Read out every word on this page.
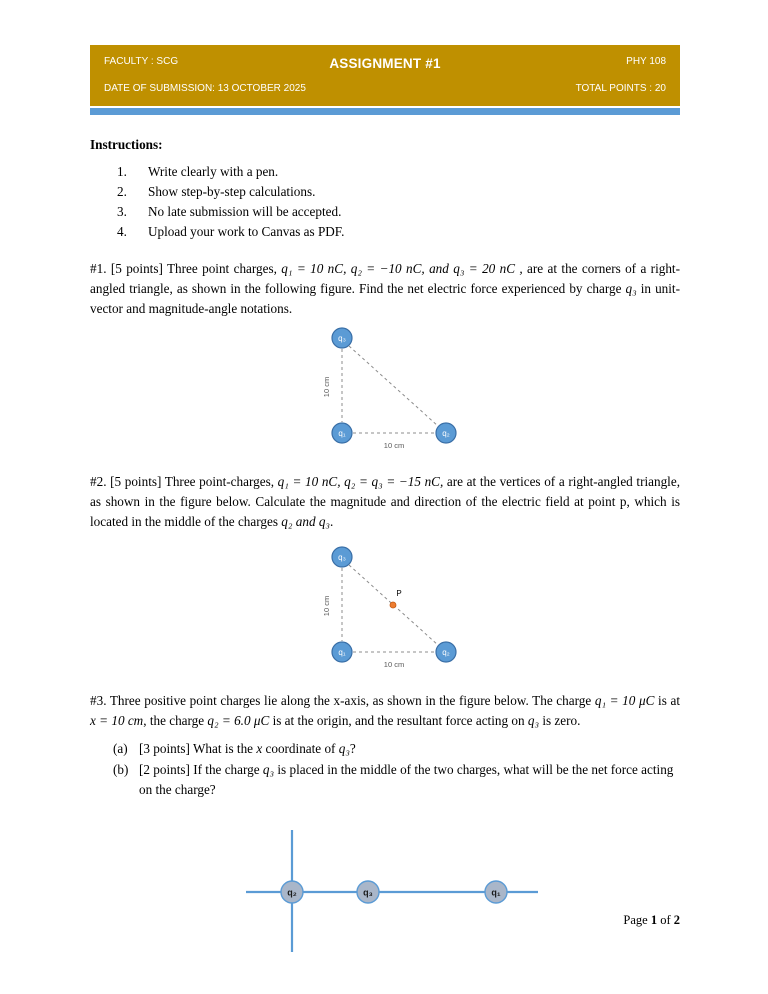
FACULTY : SCG	ASSIGNMENT #1	PHY 108
DATE OF SUBMISSION: 13 OCTOBER 2025	TOTAL POINTS : 20

Instructions:

1.	Write clearly with a pen.
2.	Show step-by-step calculations.
3.	No late submission will be accepted.
4.	Upload your work to Canvas as PDF.

#1. [5 points] Three point charges, q₁ = 10 nC, q₂ = −10 nC, and q₃ = 20 nC , are at the corners of a right-angled triangle, as shown in the following figure. Find the net electric force experienced by charge q₃ in unit-vector and magnitude-angle notations.

10 cm
10 cm
q₃
q₁	q₂

#2. [5 points] Three point-charges, q₁ = 10 nC, q₂ = q₃ = −15 nC, are at the vertices of a right-angled triangle, as shown in the figure below. Calculate the magnitude and direction of the electric field at point p, which is located in the middle of the charges q₂ and q₃.

10 cm
10 cm
P
q₃
q₁	q₂

#3. Three positive point charges lie along the x-axis, as shown in the figure below. The charge q₁ = 10 μC is at x = 10 cm, the charge q₂ = 6.0 μC is at the origin, and the resultant force acting on q₃ is zero.

(a) [3 points] What is the x coordinate of q₃?
(b) [2 points] If the charge q₃ is placed in the middle of the two charges, what will be the net force acting on the charge?
q₂	q₃	q₁
Page 1 of 2
